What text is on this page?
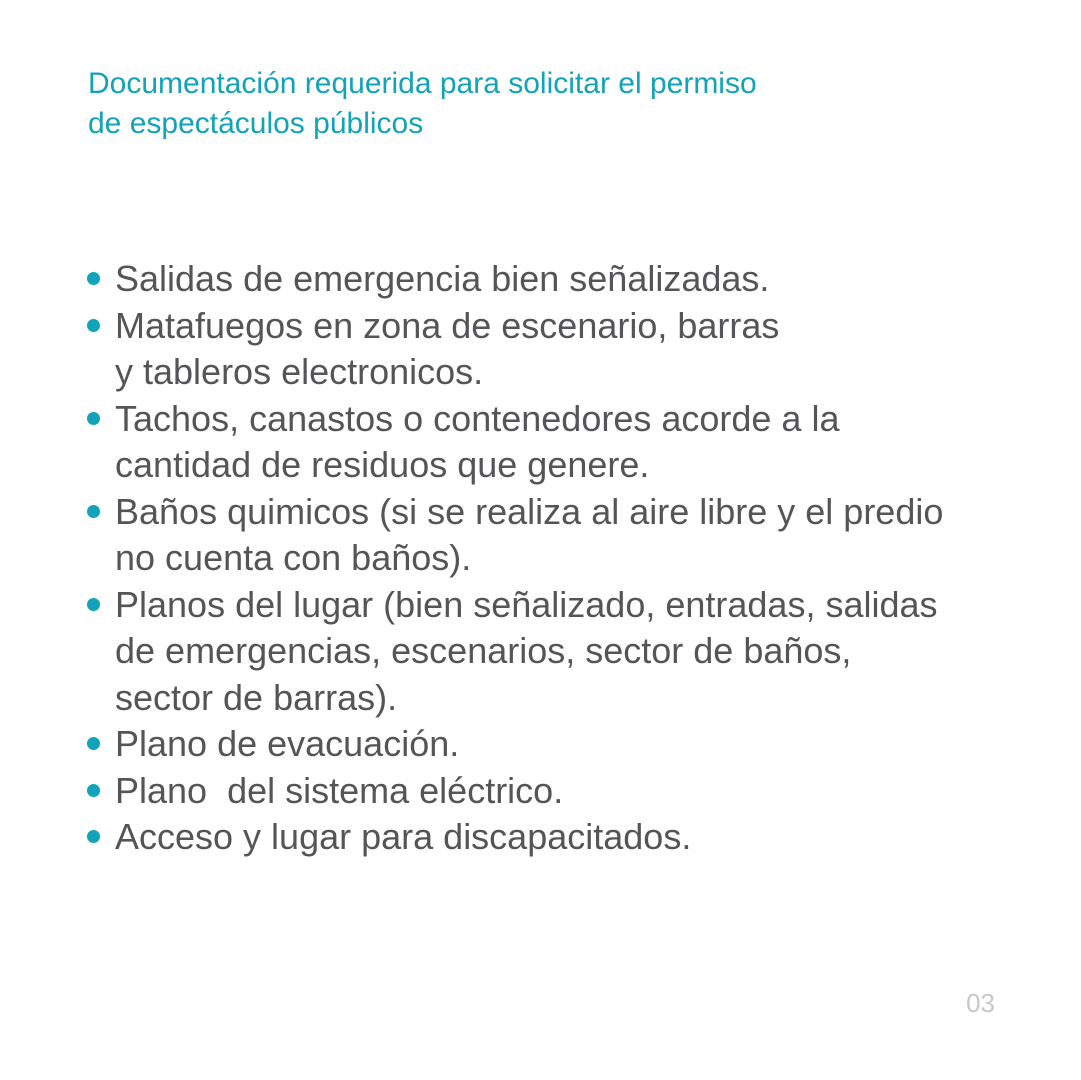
Documentación requerida para solicitar el permiso
de espectáculos públicos
Salidas de emergencia bien señalizadas.
Matafuegos en zona de escenario, barras
y tableros electronicos.
Tachos, canastos o contenedores acorde a la
cantidad de residuos que genere.
Baños quimicos (si se realiza al aire libre y el predio
no cuenta con baños).
Planos del lugar (bien señalizado, entradas, salidas
de emergencias, escenarios, sector de baños,
sector de barras).
Plano de evacuación.
Plano  del sistema eléctrico.
Acceso y lugar para discapacitados.
03
